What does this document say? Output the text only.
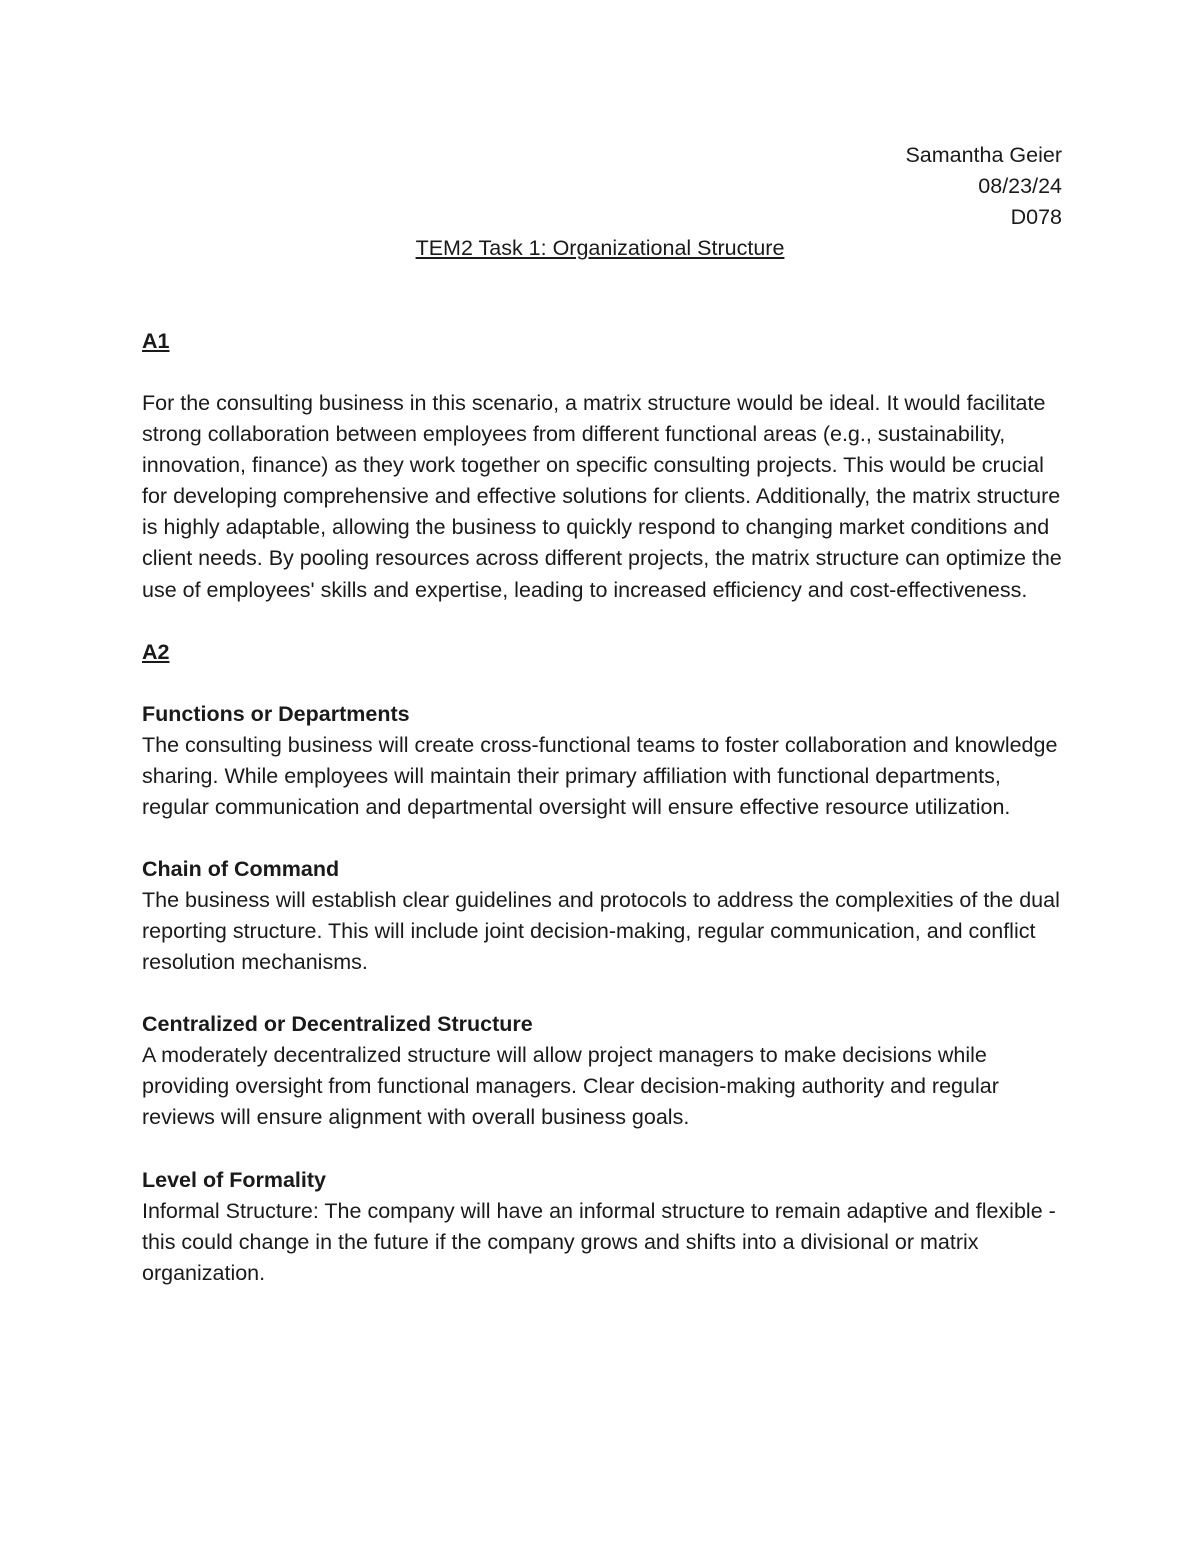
Samantha Geier
08/23/24
D078
TEM2 Task 1: Organizational Structure

A1

For the consulting business in this scenario, a matrix structure would be ideal. It would facilitate strong collaboration between employees from different functional areas (e.g., sustainability, innovation, finance) as they work together on specific consulting projects. This would be crucial for developing comprehensive and effective solutions for clients. Additionally, the matrix structure is highly adaptable, allowing the business to quickly respond to changing market conditions and client needs. By pooling resources across different projects, the matrix structure can optimize the use of employees' skills and expertise, leading to increased efficiency and cost-effectiveness.

A2

Functions or Departments

The consulting business will create cross-functional teams to foster collaboration and knowledge sharing. While employees will maintain their primary affiliation with functional departments, regular communication and departmental oversight will ensure effective resource utilization.

Chain of Command

The business will establish clear guidelines and protocols to address the complexities of the dual reporting structure. This will include joint decision-making, regular communication, and conflict resolution mechanisms.

Centralized or Decentralized Structure

A moderately decentralized structure will allow project managers to make decisions while providing oversight from functional managers. Clear decision-making authority and regular reviews will ensure alignment with overall business goals.

Level of Formality

Informal Structure: The company will have an informal structure to remain adaptive and flexible - this could change in the future if the company grows and shifts into a divisional or matrix organization.
